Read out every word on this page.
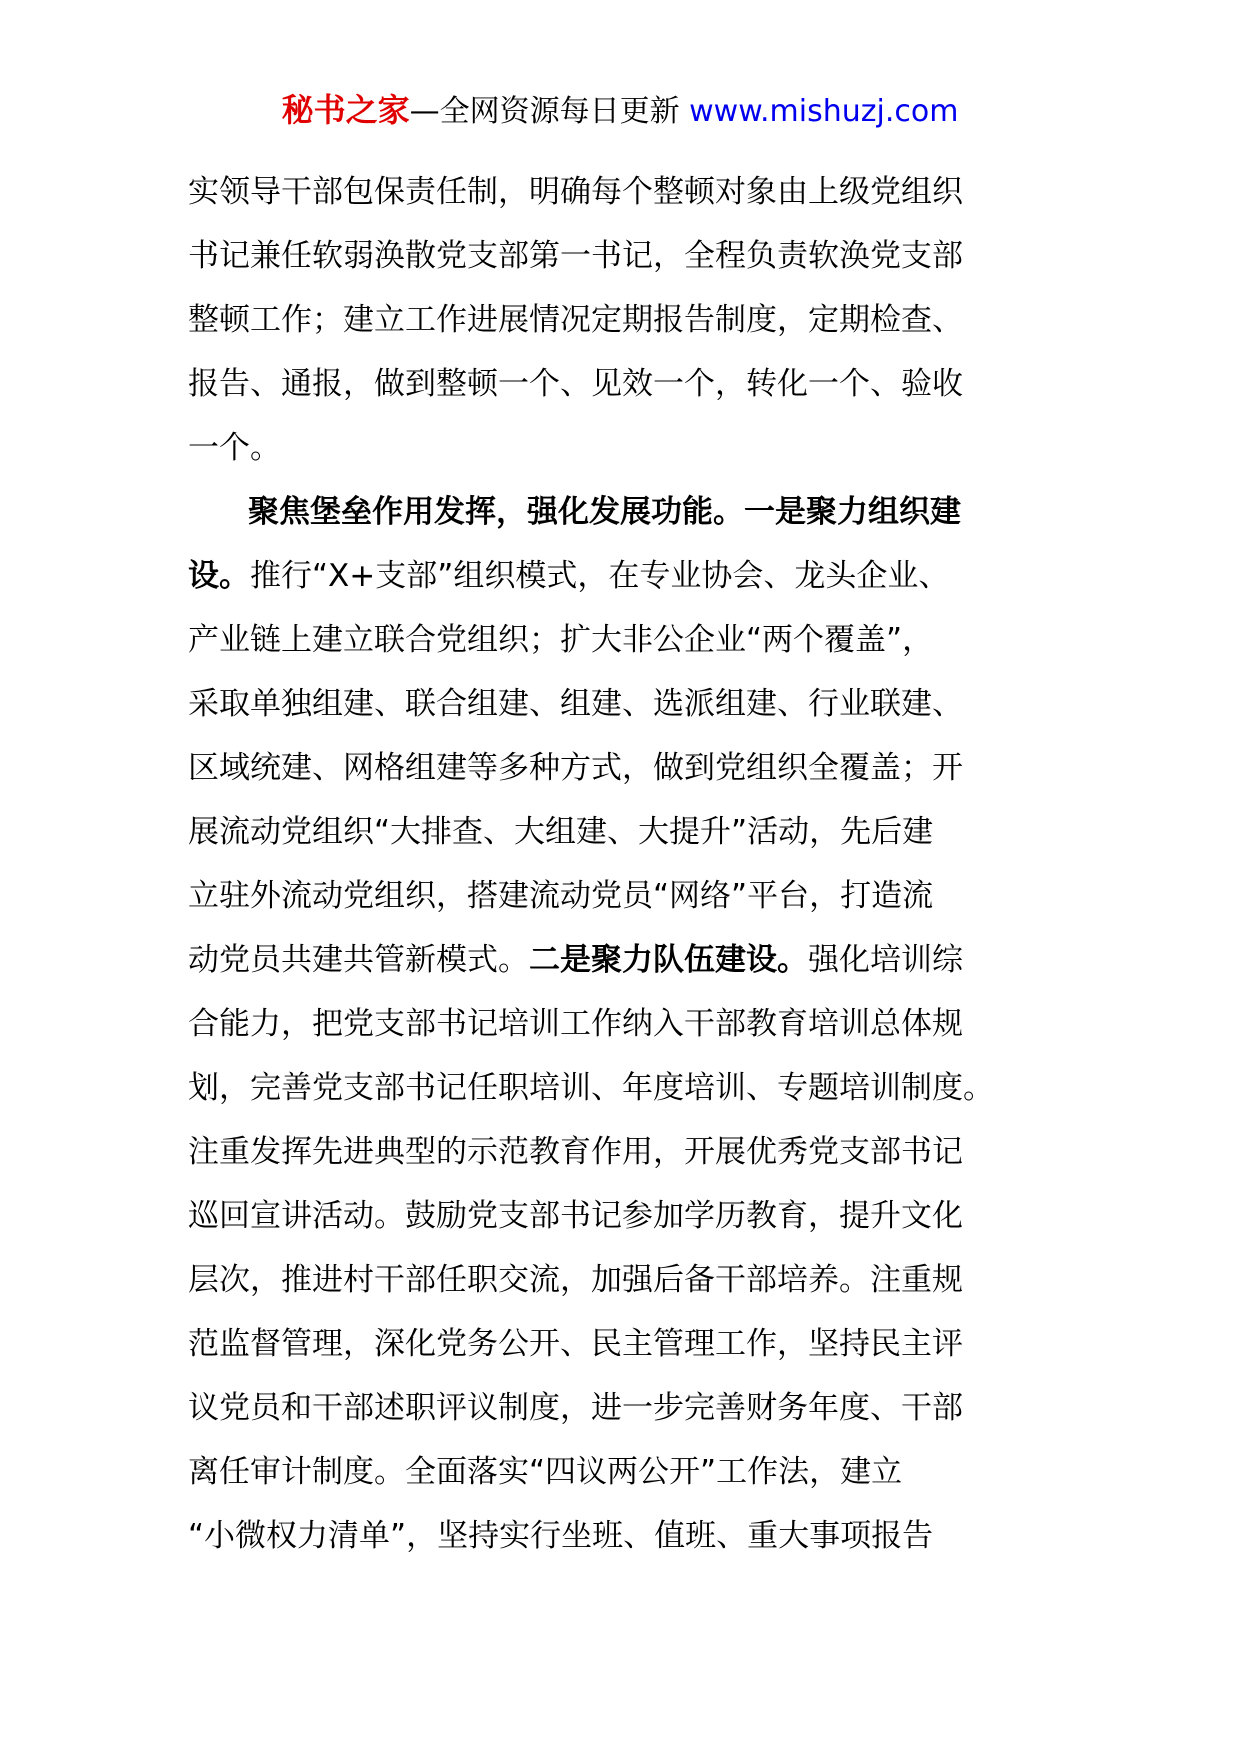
秘书之家—全网资源每日更新 www.mishuzj.com
实领导干部包保责任制，明确每个整顿对象由上级党组织
书记兼任软弱涣散党支部第一书记，全程负责软涣党支部
整顿工作；建立工作进展情况定期报告制度，定期检查、
报告、通报，做到整顿一个、见效一个，转化一个、验收
一个。
聚焦堡垒作用发挥，强化发展功能。一是聚力组织建
设。推行“X+支部”组织模式，在专业协会、龙头企业、
产业链上建立联合党组织；扩大非公企业“两个覆盖”，
采取单独组建、联合组建、组建、选派组建、行业联建、
区域统建、网格组建等多种方式，做到党组织全覆盖；开
展流动党组织“大排查、大组建、大提升”活动，先后建
立驻外流动党组织，搭建流动党员“网络”平台，打造流
动党员共建共管新模式。二是聚力队伍建设。强化培训综
合能力，把党支部书记培训工作纳入干部教育培训总体规
划，完善党支部书记任职培训、年度培训、专题培训制度。
注重发挥先进典型的示范教育作用，开展优秀党支部书记
巡回宣讲活动。鼓励党支部书记参加学历教育，提升文化
层次，推进村干部任职交流，加强后备干部培养。注重规
范监督管理，深化党务公开、民主管理工作，坚持民主评
议党员和干部述职评议制度，进一步完善财务年度、干部
离任审计制度。全面落实“四议两公开”工作法，建立
“小微权力清单”，坚持实行坐班、值班、重大事项报告
